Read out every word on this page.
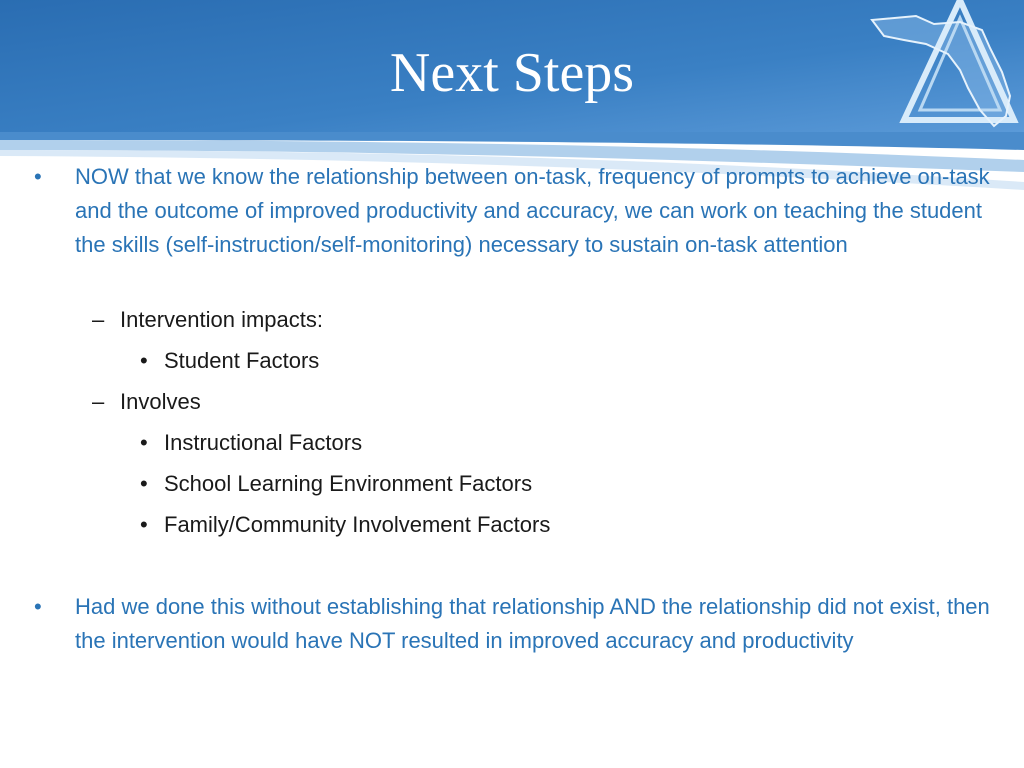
Next Steps
• NOW that we know the relationship between on-task, frequency of prompts to achieve on-task and the outcome of improved productivity and accuracy, we can work on teaching the student the skills (self-instruction/self-monitoring) necessary to sustain on-task attention
– Intervention impacts:
• Student Factors
– Involves
• Instructional Factors
• School Learning Environment Factors
• Family/Community Involvement Factors
• Had we done this without establishing that relationship AND the relationship did not exist, then the intervention would have NOT resulted in improved accuracy and productivity
